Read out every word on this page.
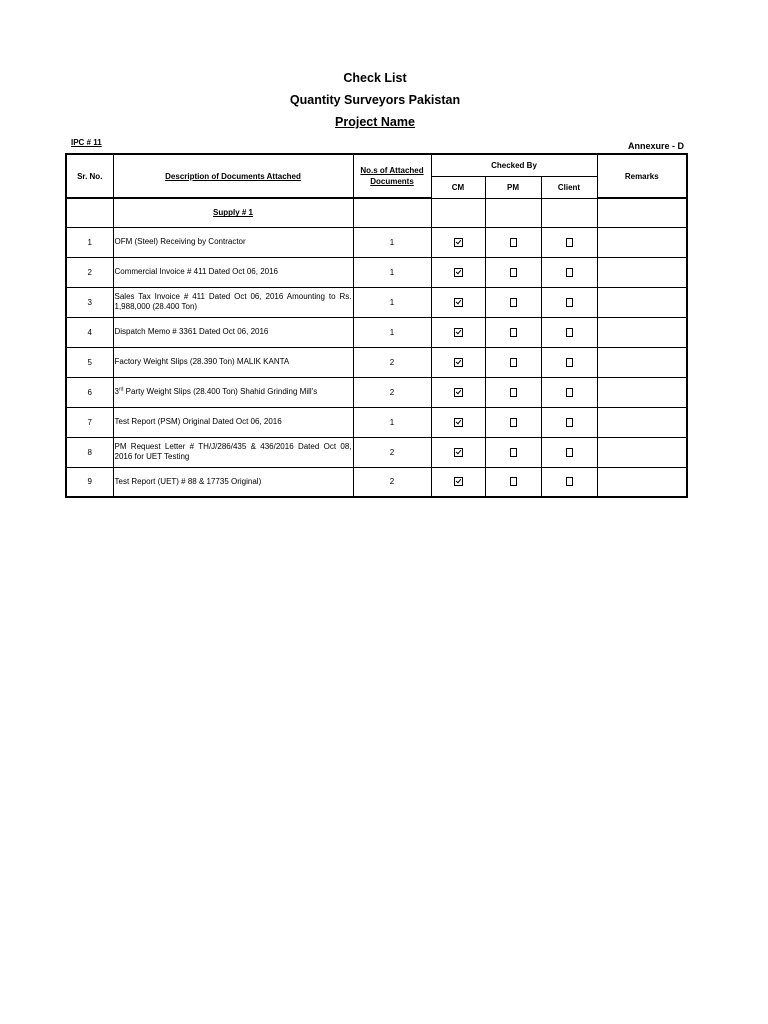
Check List
Quantity Surveyors Pakistan
Project Name
IPC # 11	Annexure - D
Sr. No.	Description of Documents Attached	No.s of Attached Documents	Checked By			Remarks
			CM	PM	Client	
	Supply # 1					
1	OFM (Steel) Receiving by Contractor	1				
2	Commercial Invoice # 411 Dated Oct 06, 2016	1				
3	Sales Tax Invoice # 411 Dated Oct 06, 2016 Amounting to Rs. 1,988,000 (28.400 Ton)	1				
4	Dispatch Memo # 3361 Dated Oct 06, 2016	1				
5	Factory Weight Slips (28.390 Ton) MALIK KANTA	2				
6	3rd Party Weight Slips (28.400 Ton) Shahid Grinding Mill's	2				
7	Test Report (PSM) Original Dated Oct 06, 2016	1				
8	PM Request Letter # TH/J/286/435 & 436/2016 Dated Oct 08, 2016 for UET Testing	2				
9	Test Report (UET) # 88 & 17735 Original)	2				
